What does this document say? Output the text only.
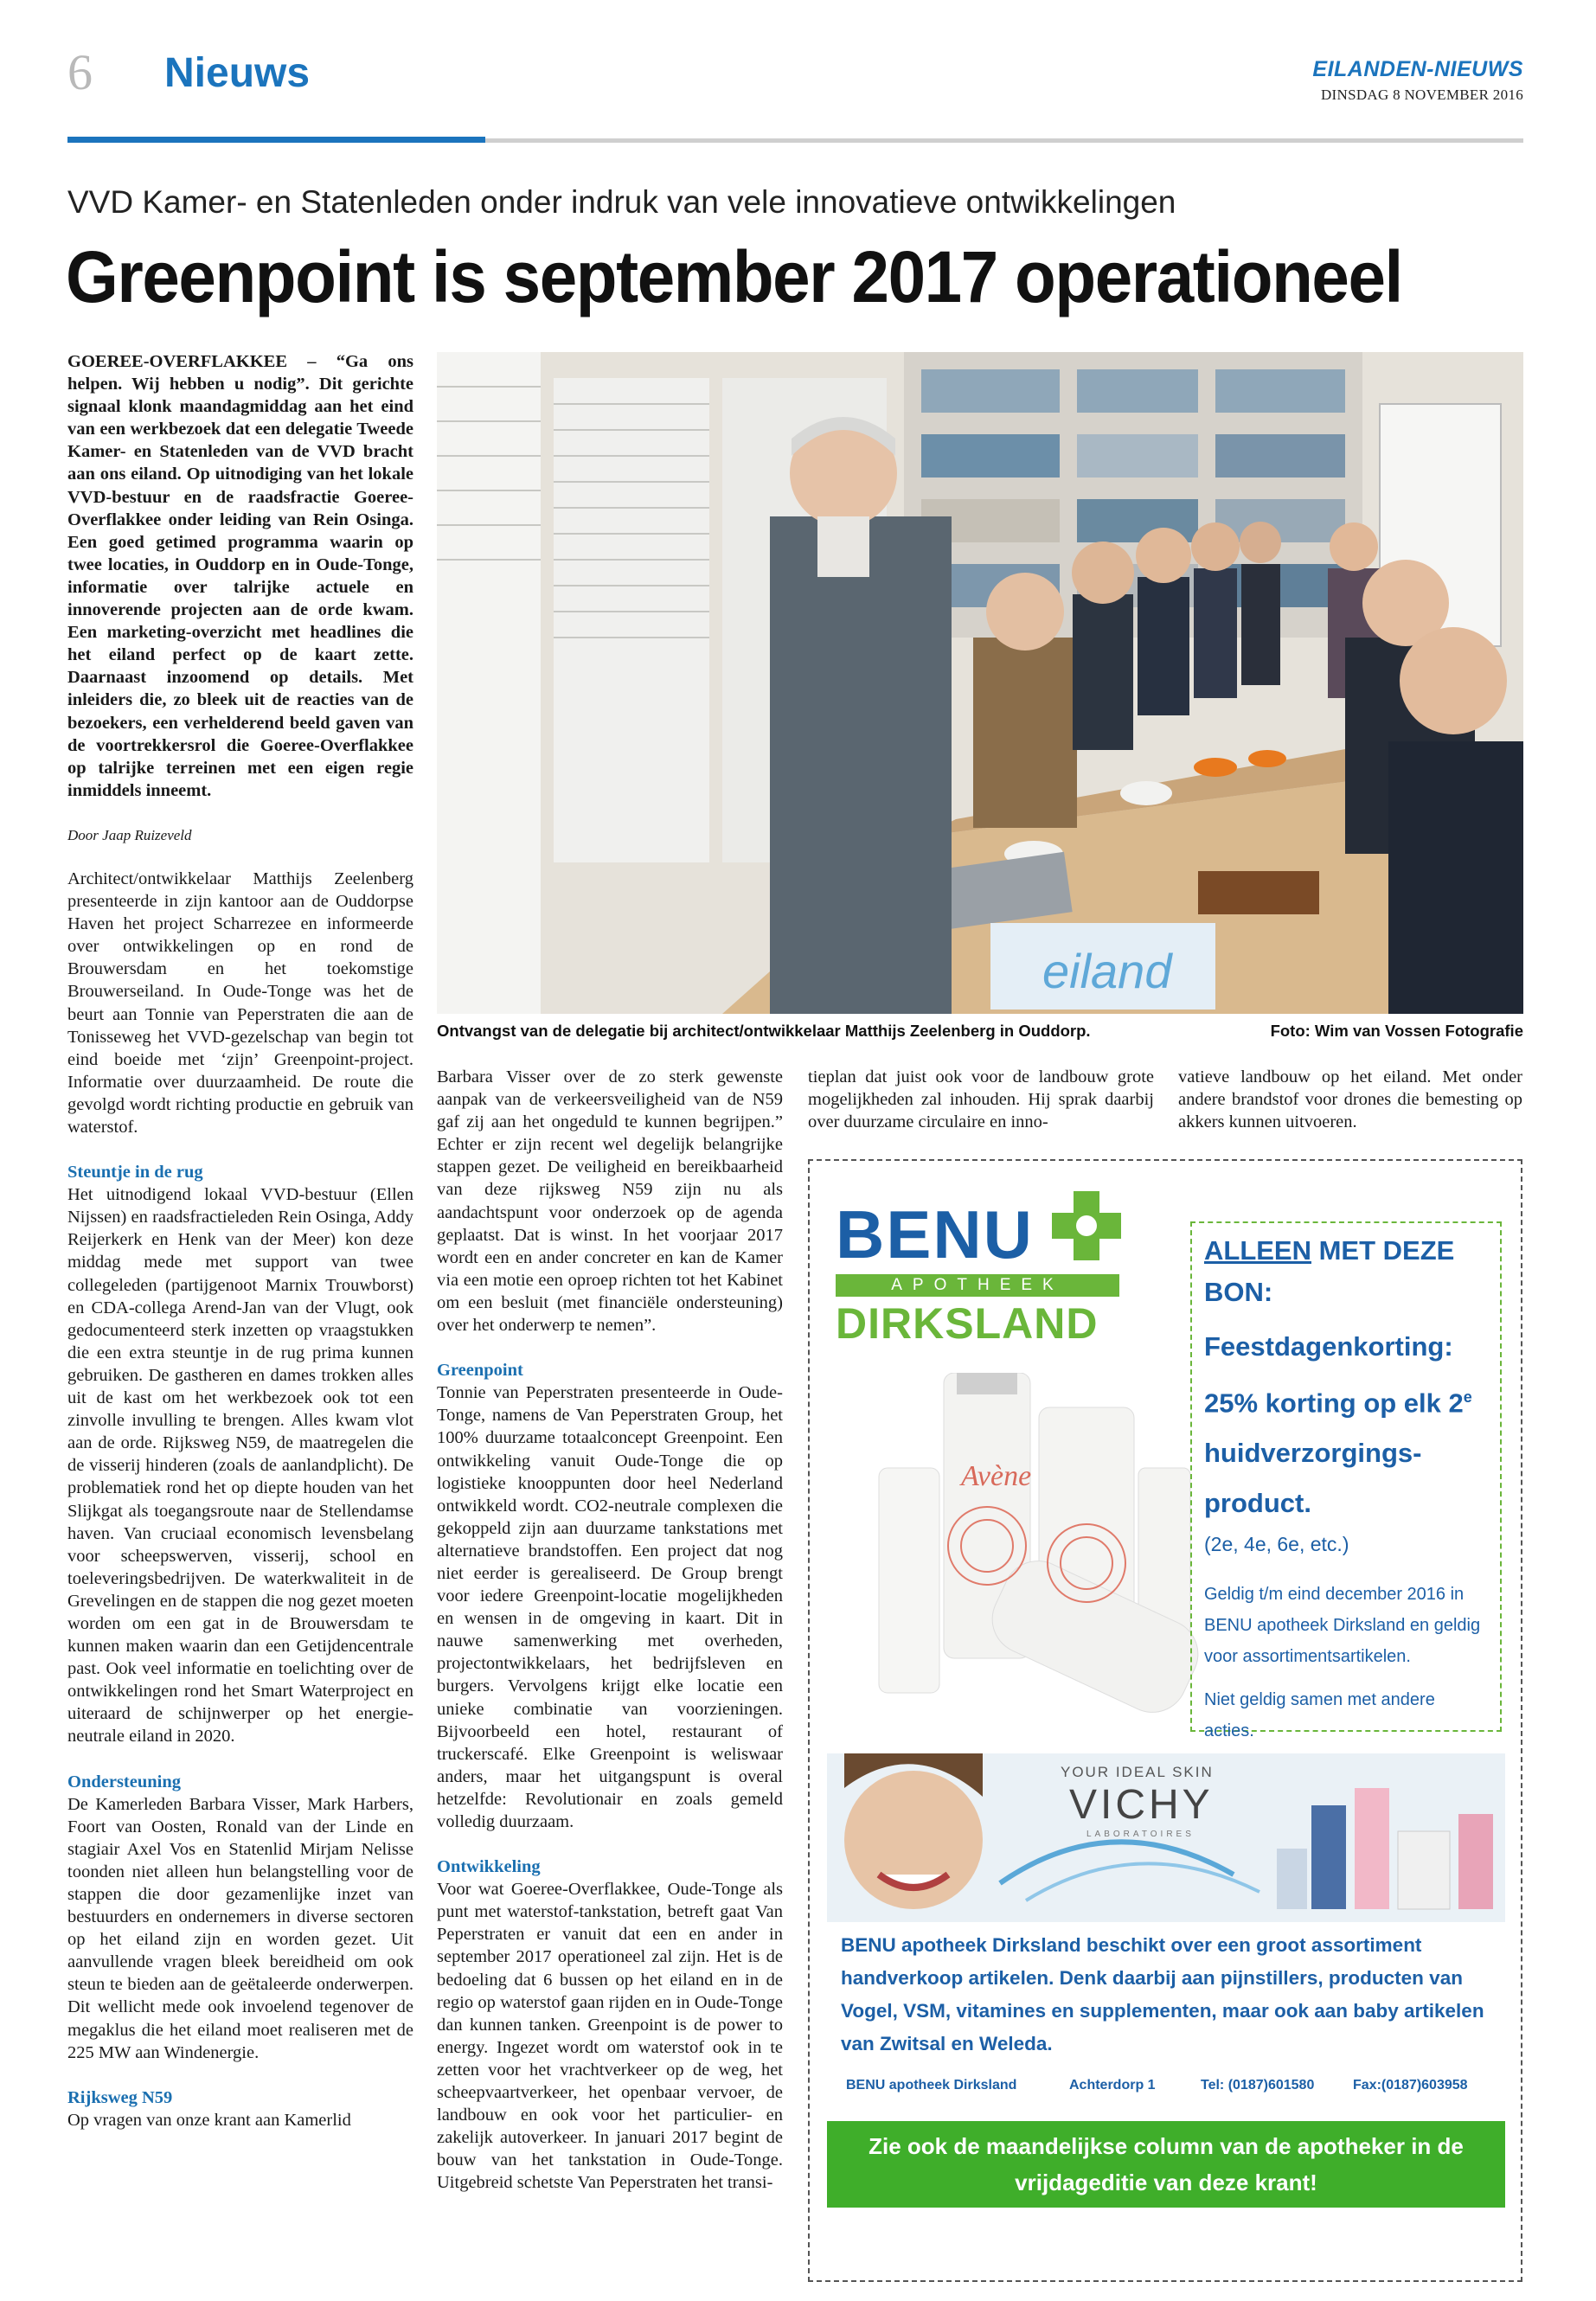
6 Nieuws	EILANDEN-NIEUWS
DINSDAG 8 NOVEMBER 2016
VVD Kamer- en Statenleden onder indruk van vele innovatieve ontwikkelingen
Greenpoint is september 2017 operationeel

GOEREE-OVERFLAKKEE – “Ga ons helpen. Wij hebben u nodig”. Dit gerichte signaal klonk maandagmiddag aan het eind van een werkbezoek dat een delegatie Tweede Kamer- en Statenleden van de VVD bracht aan ons eiland. Op uitnodiging van het lokale VVD-bestuur en de raadsfractie Goeree-Overflakkee onder leiding van Rein Osinga. Een goed getimed programma waarin op twee locaties, in Ouddorp en in Oude-Tonge, informatie over talrijke actuele en innoverende projecten aan de orde kwam. Een marketing-overzicht met headlines die het eiland perfect op de kaart zette. Daarnaast inzoomend op details. Met inleiders die, zo bleek uit de reacties van de bezoekers, een verhelderend beeld gaven van de voortrekkersrol die Goeree-Overflakkee op talrijke terreinen met een eigen regie inmiddels inneemt.

Door Jaap Ruizeveld

Architect/ontwikkelaar Matthijs Zeelenberg presenteerde in zijn kantoor aan de Ouddorpse Haven het project Scharrezee en informeerde over ontwikkelingen op en rond de Brouwersdam en het toekomstige Brouwerseiland. In Oude-Tonge was het de beurt aan Tonnie van Peperstraten die aan de Tonisseweg het VVD-gezelschap van begin tot eind boeide met ‘zijn’ Greenpoint-project. Informatie over duurzaamheid. De route die gevolgd wordt richting productie en gebruik van waterstof.

Steuntje in de rug

Het uitnodigend lokaal VVD-bestuur (Ellen Nijssen) en raadsfractieleden Rein Osinga, Addy Reijerkerk en Henk van der Meer) kon deze middag mede met support van twee collegeleden (partijgenoot Marnix Trouwborst) en CDA-collega Arend-Jan van der Vlugt, ook gedocumenteerd sterk inzetten op vraagstukken die een extra steuntje in de rug prima kunnen gebruiken. De gastheren en dames trokken alles uit de kast om het werkbezoek ook tot een zinvolle invulling te brengen. Alles kwam vlot aan de orde. Rijksweg N59, de maatregelen die de visserij hinderen (zoals de aanlandplicht). De problematiek rond het op diepte houden van het Slijkgat als toegangsroute naar de Stellendamse haven. Van cruciaal economisch levensbelang voor scheepswerven, visserij, school en toeleveringsbedrijven. De waterkwaliteit in de Grevelingen en de stappen die nog gezet moeten worden om een gat in de Brouwersdam te kunnen maken waarin dan een Getijdencentrale past. Ook veel informatie en toelichting over de ontwikkelingen rond het Smart Waterproject en uiteraard de schijnwerper op het energie-neutrale eiland in 2020.

Ondersteuning

De Kamerleden Barbara Visser, Mark Harbers, Foort van Oosten, Ronald van der Linde en stagiair Axel Vos en Statenlid Mirjam Nelisse toonden niet alleen hun belangstelling voor de stappen die door gezamenlijke inzet van bestuurders en ondernemers in diverse sectoren op het eiland zijn en worden gezet. Uit aanvullende vragen bleek bereidheid om ook steun te bieden aan de geëtaleerde onderwerpen. Dit wellicht mede ook invoelend tegenover de megaklus die het eiland moet realiseren met de 225 MW aan Windenergie.

Rijksweg N59

Op vragen van onze krant aan Kamerlid

eiland
Ontvangst van de delegatie bij architect/ontwikkelaar Matthijs Zeelenberg in Ouddorp.	Foto: Wim van Vossen Fotografie

Barbara Visser over de zo sterk gewenste aanpak van de verkeersveiligheid van de N59 gaf zij aan het ongeduld te kunnen begrijpen.” Echter er zijn recent wel degelijk belangrijke stappen gezet. De veiligheid en bereikbaarheid van deze rijksweg N59 zijn nu als aandachtspunt voor onderzoek op de agenda geplaatst. Dat is winst. In het voorjaar 2017 wordt een en ander concreter en kan de Kamer via een motie een oproep richten tot het Kabinet om een besluit (met financiële ondersteuning) over het onderwerp te nemen”.

Greenpoint

Tonnie van Peperstraten presenteerde in Oude-Tonge, namens de Van Peperstraten Group, het 100% duurzame totaalconcept Greenpoint. Een ontwikkeling vanuit Oude-Tonge die op logistieke knooppunten door heel Nederland ontwikkeld wordt. CO2-neutrale complexen die gekoppeld zijn aan duurzame tankstations met alternatieve brandstoffen. Een project dat nog niet eerder is gerealiseerd. De Group brengt voor iedere Greenpoint-locatie mogelijkheden en wensen in de omgeving in kaart. Dit in nauwe samenwerking met overheden, projectontwikkelaars, het bedrijfsleven en burgers. Vervolgens krijgt elke locatie een unieke combinatie van voorzieningen. Bijvoorbeeld een hotel, restaurant of truckerscafé. Elke Greenpoint is weliswaar anders, maar het uitgangspunt is overal hetzelfde: Revolutionair en zoals gemeld volledig duurzaam.

Ontwikkeling

Voor wat Goeree-Overflakkee, Oude-Tonge als punt met waterstof-tankstation, betreft gaat Van Peperstraten er vanuit dat een en ander in september 2017 operationeel zal zijn. Het is de bedoeling dat 6 bussen op het eiland en in de regio op waterstof gaan rijden en in Oude-Tonge dan kunnen tanken. Greenpoint is de power to energy. Ingezet wordt om waterstof ook in te zetten voor het vrachtverkeer op de weg, het scheepvaartverkeer, het openbaar vervoer, de landbouw en ook voor het particulier- en zakelijk autoverkeer. In januari 2017 begint de bouw van het tankstation in Oude-Tonge. Uitgebreid schetste Van Peperstraten het transi-

tieplan dat juist ook voor de landbouw grote mogelijkheden zal inhouden. Hij sprak daarbij over duurzame circulaire en inno-

vatieve landbouw op het eiland. Met onder andere brandstof voor drones die bemesting op akkers kunnen uitvoeren.

BENU
APOTHEEK
DIRKSLAND
Avène
ALLEEN MET DEZE
BON:
Feestdagenkorting:
25% korting op elk 2e
huidverzorgings-
product.
(2e, 4e, 6e, etc.)
Geldig t/m eind december 2016 in BENU apotheek Dirksland en geldig voor assortimentsartikelen.
Niet geldig samen met andere acties.
YOUR IDEAL SKIN
VICHY
LABORATOIRES
BENU apotheek Dirksland beschikt over een groot assortiment handverkoop artikelen. Denk daarbij aan pijnstillers, producten van Vogel, VSM, vitamines en supplementen, maar ook aan baby artikelen van Zwitsal en Weleda.
BENU apotheek Dirksland	Achterdorp 1	Tel: (0187)601580	Fax:(0187)603958
Zie ook de maandelijkse column van de apotheker in de vrijdageditie van deze krant!
